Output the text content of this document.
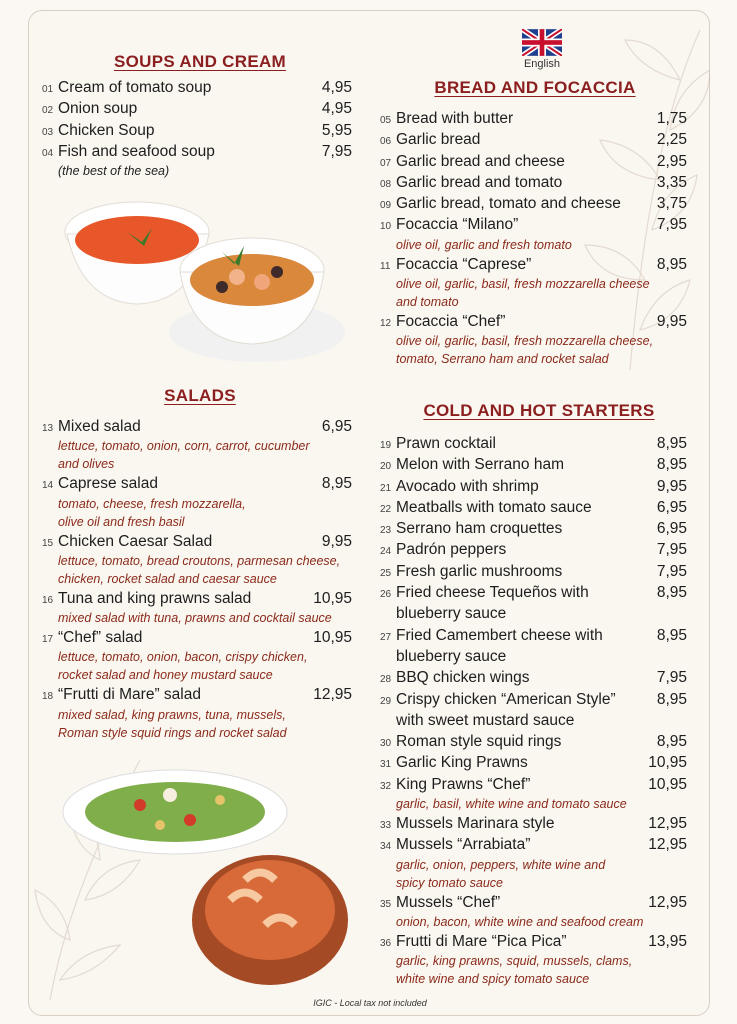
English
SOUPS AND CREAM
01 Cream of tomato soup	4,95
02 Onion soup	4,95
03 Chicken Soup	5,95
04 Fish and seafood soup	7,95
(the best of the sea)
SALADS
13 Mixed salad	6,95
lettuce, tomato, onion, corn, carrot, cucumber
and olives
14 Caprese salad	8,95
tomato, cheese, fresh mozzarella,
olive oil and fresh basil
15 Chicken Caesar Salad	9,95
lettuce, tomato, bread croutons, parmesan cheese,
chicken, rocket salad and caesar sauce
16 Tuna and king prawns salad	10,95
mixed salad with tuna, prawns and cocktail sauce
17 “Chef” salad	10,95
lettuce, tomato, onion, bacon, crispy chicken,
rocket salad and honey mustard sauce
18 “Frutti di Mare” salad	12,95
mixed salad, king prawns, tuna, mussels,
Roman style squid rings and rocket salad
BREAD AND FOCACCIA
05 Bread with butter	1,75
06 Garlic bread	2,25
07 Garlic bread and cheese	2,95
08 Garlic bread and tomato	3,35
09 Garlic bread, tomato and cheese 3,75
10 Focaccia “Milano”	7,95
olive oil, garlic and fresh tomato
11 Focaccia “Caprese”	8,95
olive oil, garlic, basil, fresh mozzarella cheese
and tomato
12 Focaccia “Chef”	9,95
olive oil, garlic, basil, fresh mozzarella cheese,
tomato, Serrano ham and rocket salad
COLD AND HOT STARTERS
19 Prawn cocktail	8,95
20 Melon with Serrano ham	8,95
21 Avocado with shrimp	9,95
22 Meatballs with tomato sauce	6,95
23 Serrano ham croquettes	6,95
24 Padrón peppers	7,95
25 Fresh garlic mushrooms	7,95
26 Fried cheese Tequeños with	8,95
blueberry sauce
27 Fried Camembert cheese with	8,95
blueberry sauce
28 BBQ chicken wings	7,95
29 Crispy chicken “American Style”	8,95
with sweet mustard sauce
30 Roman style squid rings	8,95
31 Garlic King Prawns	10,95
32 King Prawns “Chef”	10,95
garlic, basil, white wine and tomato sauce
33 Mussels Marinara style	12,95
34 Mussels “Arrabiata”	12,95
garlic, onion, peppers, white wine and
spicy tomato sauce
35 Mussels “Chef”	12,95
onion, bacon, white wine and seafood cream
36 Frutti di Mare “Pica Pica”	13,95
garlic, king prawns, squid, mussels, clams,
white wine and spicy tomato sauce
IGIC - Local tax not included
